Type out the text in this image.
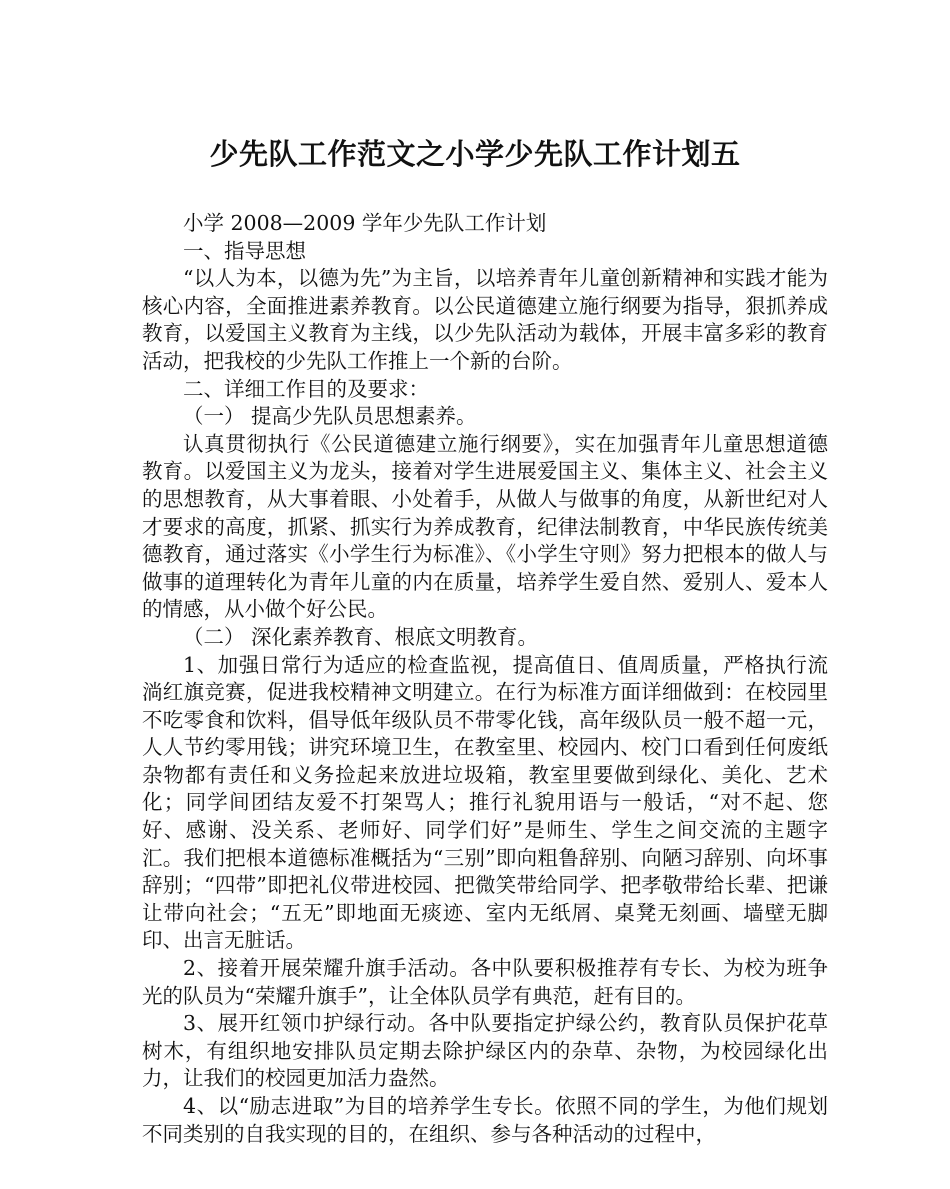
少先队工作范文之小学少先队工作计划五

小学 2008—2009 学年少先队工作计划

一、指导思想

“以人为本，以德为先”为主旨，以培养青年儿童创新精神和实践才能为核心内容，全面推进素养教育。以公民道德建立施行纲要为指导，狠抓养成教育，以爱国主义教育为主线，以少先队活动为载体，开展丰富多彩的教育活动，把我校的少先队工作推上一个新的台阶。

二、详细工作目的及要求：

（一） 提高少先队员思想素养。

认真贯彻执行《公民道德建立施行纲要》，实在加强青年儿童思想道德教育。以爱国主义为龙头，接着对学生进展爱国主义、集体主义、社会主义的思想教育，从大事着眼、小处着手，从做人与做事的角度，从新世纪对人才要求的高度，抓紧、抓实行为养成教育，纪律法制教育，中华民族传统美德教育，通过落实《小学生行为标准》、《小学生守则》努力把根本的做人与做事的道理转化为青年儿童的内在质量，培养学生爱自然、爱别人、爱本人的情感，从小做个好公民。

（二） 深化素养教育、根底文明教育。

1、加强日常行为适应的检查监视，提高值日、值周质量，严格执行流淌红旗竞赛，促进我校精神文明建立。在行为标准方面详细做到：在校园里不吃零食和饮料，倡导低年级队员不带零化钱，高年级队员一般不超一元，人人节约零用钱；讲究环境卫生，在教室里、校园内、校门口看到任何废纸杂物都有责任和义务捡起来放进垃圾箱，教室里要做到绿化、美化、艺术化；同学间团结友爱不打架骂人；推行礼貌用语与一般话，“对不起、您好、感谢、没关系、老师好、同学们好”是师生、学生之间交流的主题字汇。我们把根本道德标准概括为“三别”即向粗鲁辞别、向陋习辞别、向坏事辞别；“四带”即把礼仪带进校园、把微笑带给同学、把孝敬带给长辈、把谦让带向社会；“五无”即地面无痰迹、室内无纸屑、桌凳无刻画、墙壁无脚印、出言无脏话。

2、接着开展荣耀升旗手活动。各中队要积极推荐有专长、为校为班争光的队员为“荣耀升旗手”，让全体队员学有典范，赶有目的。

3、展开红领巾护绿行动。各中队要指定护绿公约，教育队员保护花草树木，有组织地安排队员定期去除护绿区内的杂草、杂物，为校园绿化出力，让我们的校园更加活力盎然。

4、以“励志进取”为目的培养学生专长。依照不同的学生，为他们规划不同类别的自我实现的目的，在组织、参与各种活动的过程中，
